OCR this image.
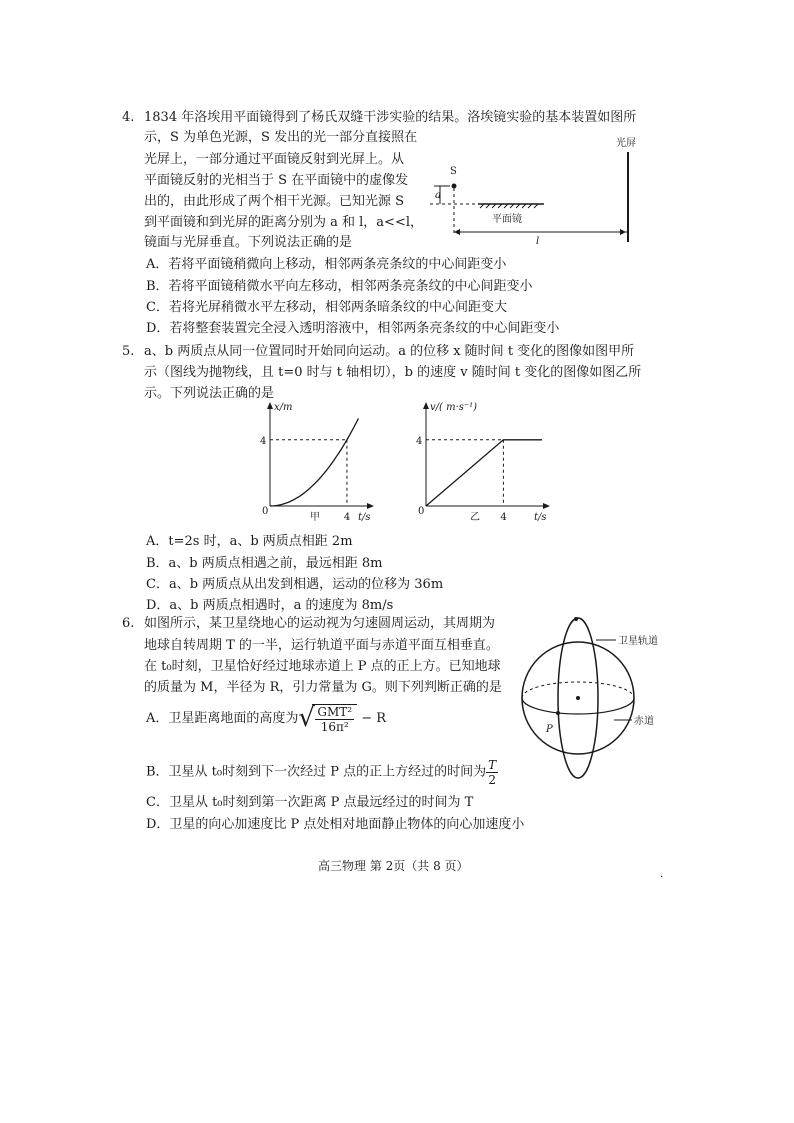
4. 1834 年洛埃用平面镜得到了杨氏双缝干涉实验的结果。洛埃镜实验的基本装置如图所
示，S 为单色光源，S 发出的光一部分直接照在
光屏上，一部分通过平面镜反射到光屏上。从
平面镜反射的光相当于 S 在平面镜中的虚像发
出的，由此形成了两个相干光源。已知光源 S
到平面镜和到光屏的距离分别为 a 和 l，a<<l，
镜面与光屏垂直。下列说法正确的是
A．若将平面镜稍微向上移动，相邻两条亮条纹的中心间距变小
B．若将平面镜稍微水平向左移动，相邻两条亮条纹的中心间距变小
C．若将光屏稍微水平左移动，相邻两条暗条纹的中心间距变大
D．若将整套装置完全浸入透明溶液中，相邻两条亮条纹的中心间距变小
光屏
S
a
平面镜
l
5. a、b 两质点从同一位置同时开始同向运动。a 的位移 x 随时间 t 变化的图像如图甲所
示（图线为抛物线，且 t=0 时与 t 轴相切），b 的速度 v 随时间 t 变化的图像如图乙所
示。下列说法正确的是
x/m
t/s
0
甲 4
4
v/( m·s⁻¹)
t/s
0
乙 4
4
A．t=2s 时，a、b 两质点相距 2m
B．a、b 两质点相遇之前，最远相距 8m
C．a、b 两质点从出发到相遇，运动的位移为 36m
D．a、b 两质点相遇时，a 的速度为 8m/s
6. 如图所示，某卫星绕地心的运动视为匀速圆周运动，其周期为
地球自转周期 T 的一半，运行轨道平面与赤道平面互相垂直。
在 t₀时刻，卫星恰好经过地球赤道上 P 点的正上方。已知地球
的质量为 M，半径为 R，引力常量为 G。则下列判断正确的是
A．卫星距离地面的高度为 √ $\frac{\text{GMT²}}{\text{16π²}} - R$
B．卫星从 t₀时刻到下一次经过 P 点的正上方经过的时间为 $\frac{T}{2}$
C．卫星从 t₀时刻到第一次距离 P 点最远经过的时间为 T
D．卫星的向心加速度比 P 点处相对地面静止物体的向心加速度小
P
卫星轨道
赤道
高三物理 第 2页（共 8 页）
·
